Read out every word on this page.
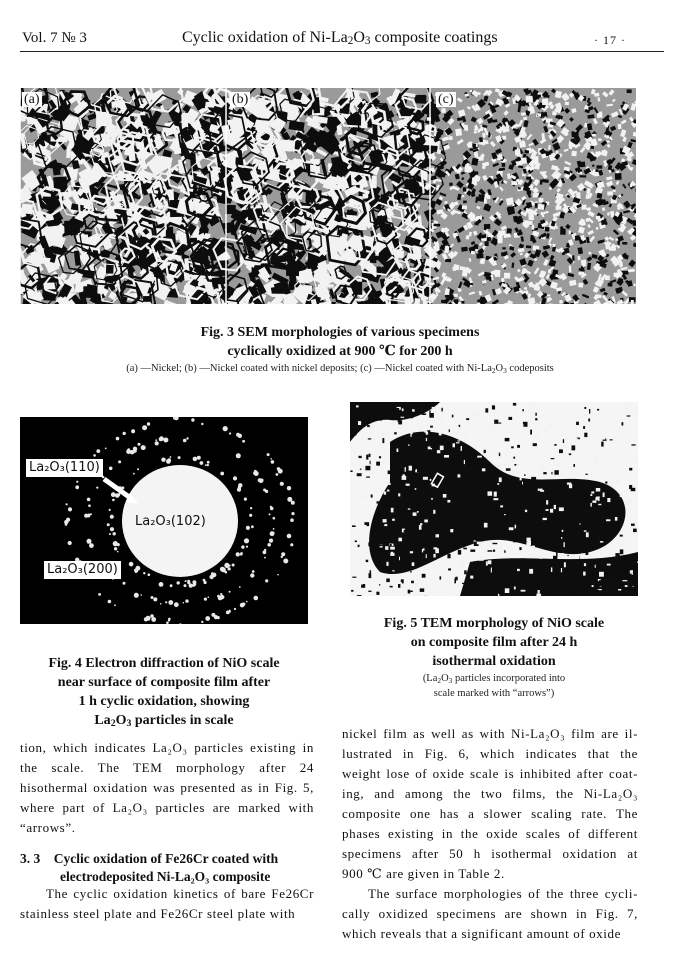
Vol. 7 № 3	Cyclic oxidation of $Ni-La_2O_3$ composite coatings	· 17 ·
(a)	(b)	(c)
Fig. 3 SEM morphologies of various specimens
cyclically oxidized at 900 ℃ for 200 h
(a) —Nickel; (b) —Nickel coated with nickel deposits; (c) —Nickel coated with $Ni-La_2O_3$ codeposits
La₂O₃(110)
La₂O₃(102)
La₂O₃(200)
Fig. 4 Electron diffraction of NiO scale
near surface of composite film after
1 h cyclic oxidation, showing
$La_2O_3$ particles in scale
50 nm
Fig. 5 TEM morphology of NiO scale
on composite film after 24 h
isothermal oxidation
($La_2O_3$ particles incorporated into
scale marked with “arrows”)
tion, which indicates La₂O₃ particles existing in
the scale. The TEM morphology after 24
hisothermal oxidation was presented as in Fig. 5,
where part of La₂O₃ particles are marked with
“arrows”.
3. 3 Cyclic oxidation of Fe26Cr coated with
electrodeposited Ni-La₂O₃ composite
The cyclic oxidation kinetics of bare Fe26Cr
stainless steel plate and Fe26Cr steel plate with
nickel film as well as with Ni-La₂O₃ film are il-
lustrated in Fig. 6, which indicates that the
weight lose of oxide scale is inhibited after coat-
ing, and among the two films, the Ni-La₂O₃
composite one has a slower scaling rate. The
phases existing in the oxide scales of different
specimens after 50 h isothermal oxidation at
900 ℃ are given in Table 2.
The surface morphologies of the three cycli-
cally oxidized specimens are shown in Fig. 7,
which reveals that a significant amount of oxide
